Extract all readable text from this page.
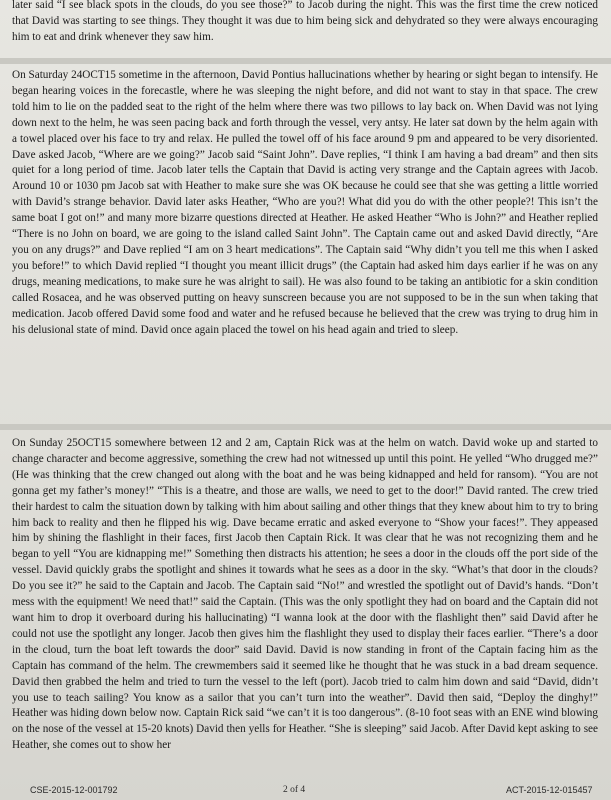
later said “I see black spots in the clouds, do you see those?” to Jacob during the night. This was the first time the crew noticed that David was starting to see things. They thought it was due to him being sick and dehydrated so they were always encouraging him to eat and drink whenever they saw him.

On Saturday 24OCT15 sometime in the afternoon, David Pontius hallucinations whether by hearing or sight began to intensify. He began hearing voices in the forecastle, where he was sleeping the night before, and did not want to stay in that space. The crew told him to lie on the padded seat to the right of the helm where there was two pillows to lay back on. When David was not lying down next to the helm, he was seen pacing back and forth through the vessel, very antsy. He later sat down by the helm again with a towel placed over his face to try and relax. He pulled the towel off of his face around 9 pm and appeared to be very disoriented. Dave asked Jacob, “Where are we going?” Jacob said “Saint John”. Dave replies, “I think I am having a bad dream” and then sits quiet for a long period of time. Jacob later tells the Captain that David is acting very strange and the Captain agrees with Jacob. Around 10 or 1030 pm Jacob sat with Heather to make sure she was OK because he could see that she was getting a little worried with David’s strange behavior. David later asks Heather, “Who are you?! What did you do with the other people?! This isn’t the same boat I got on!” and many more bizarre questions directed at Heather. He asked Heather “Who is John?” and Heather replied “There is no John on board, we are going to the island called Saint John”. The Captain came out and asked David directly, “Are you on any drugs?” and Dave replied “I am on 3 heart medications”. The Captain said “Why didn’t you tell me this when I asked you before!” to which David replied “I thought you meant illicit drugs” (the Captain had asked him days earlier if he was on any drugs, meaning medications, to make sure he was alright to sail). He was also found to be taking an antibiotic for a skin condition called Rosacea, and he was observed putting on heavy sunscreen because you are not supposed to be in the sun when taking that medication. Jacob offered David some food and water and he refused because he believed that the crew was trying to drug him in his delusional state of mind. David once again placed the towel on his head again and tried to sleep.

On Sunday 25OCT15 somewhere between 12 and 2 am, Captain Rick was at the helm on watch. David woke up and started to change character and become aggressive, something the crew had not witnessed up until this point. He yelled “Who drugged me?” (He was thinking that the crew changed out along with the boat and he was being kidnapped and held for ransom). “You are not gonna get my father’s money!” “This is a theatre, and those are walls, we need to get to the door!” David ranted. The crew tried their hardest to calm the situation down by talking with him about sailing and other things that they knew about him to try to bring him back to reality and then he flipped his wig. Dave became erratic and asked everyone to “Show your faces!”. They appeased him by shining the flashlight in their faces, first Jacob then Captain Rick. It was clear that he was not recognizing them and he began to yell “You are kidnapping me!” Something then distracts his attention; he sees a door in the clouds off the port side of the vessel. David quickly grabs the spotlight and shines it towards what he sees as a door in the sky. “What’s that door in the clouds? Do you see it?” he said to the Captain and Jacob. The Captain said “No!” and wrestled the spotlight out of David’s hands. “Don’t mess with the equipment! We need that!” said the Captain. (This was the only spotlight they had on board and the Captain did not want him to drop it overboard during his hallucinating) “I wanna look at the door with the flashlight then” said David after he could not use the spotlight any longer. Jacob then gives him the flashlight they used to display their faces earlier. “There’s a door in the cloud, turn the boat left towards the door” said David. David is now standing in front of the Captain facing him as the Captain has command of the helm. The crewmembers said it seemed like he thought that he was stuck in a bad dream sequence. David then grabbed the helm and tried to turn the vessel to the left (port). Jacob tried to calm him down and said “David, didn’t you use to teach sailing? You know as a sailor that you can’t turn into the weather”. David then said, “Deploy the dinghy!” Heather was hiding down below now. Captain Rick said “we can’t it is too dangerous”. (8-10 foot seas with an ENE wind blowing on the nose of the vessel at 15-20 knots) David then yells for Heather. “She is sleeping” said Jacob. After David kept asking to see Heather, she comes out to show her

CSE-2015-12-001792	2 of 4	ACT-2015-12-015457
